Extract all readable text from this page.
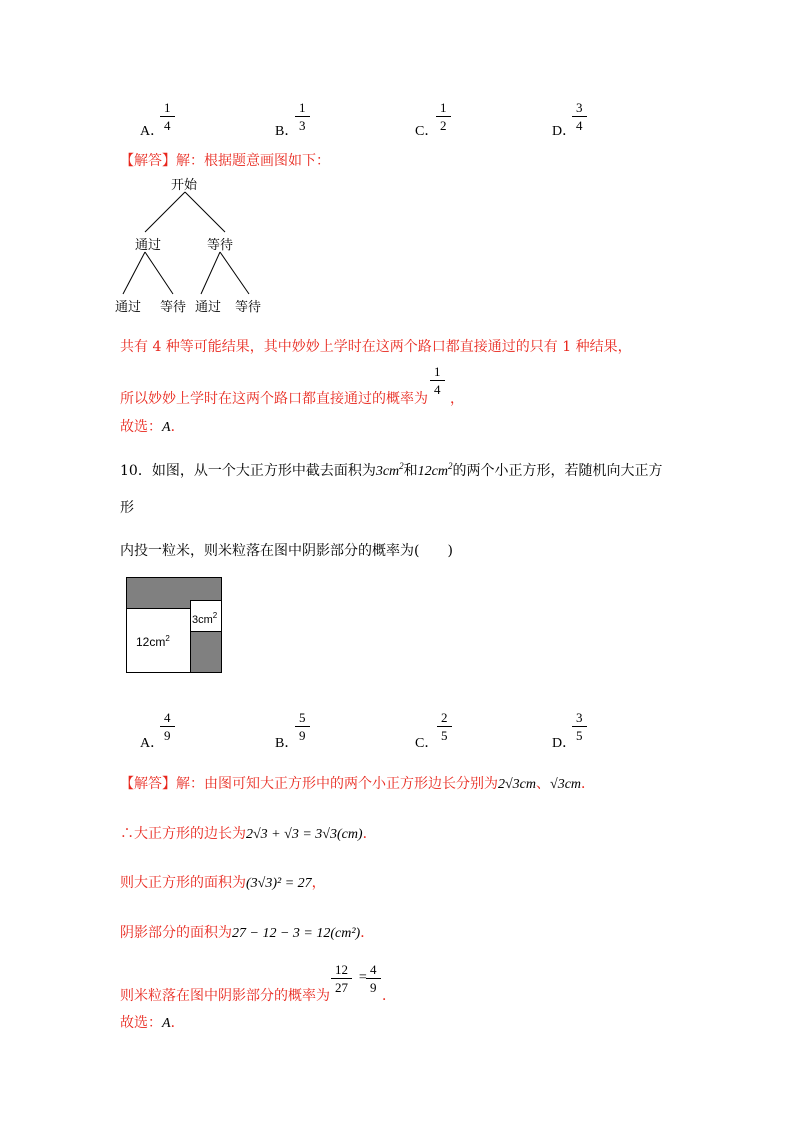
A．
1
4	B．
1
3	C．
1
2	D．
3
4
【解答】解：根据题意画图如下：
开始
通过	等待
通过 等待 通过 等待
共有 4 种等可能结果，其中妙妙上学时在这两个路口都直接通过的只有 1 种结果，
所以妙妙上学时在这两个路口都直接通过的概率为
1
4
，
故选：A．
10．如图，从一个大正方形中截去面积为$3cm^2$和$12cm^2$的两个小正方形，若随机向大正方
形
内投一粒米，则米粒落在图中阴影部分的概率为(　　)
$3cm^2$
$12cm^2$
A．
4
9
B．
5
9
C．
2
5
D．
3
5
【解答】解：由图可知大正方形中的两个小正方形边长分别为2√3cm、√3cm．
∴大正方形的边长为2√3 + √3 = 3√3(cm)．
则大正方形的面积为(3√3)² = 27，
阴影部分的面积为27 − 12 − 3 = 12(cm²)．
则米粒落在图中阴影部分的概率为
12
27
=
4
9
．
故选：A．
